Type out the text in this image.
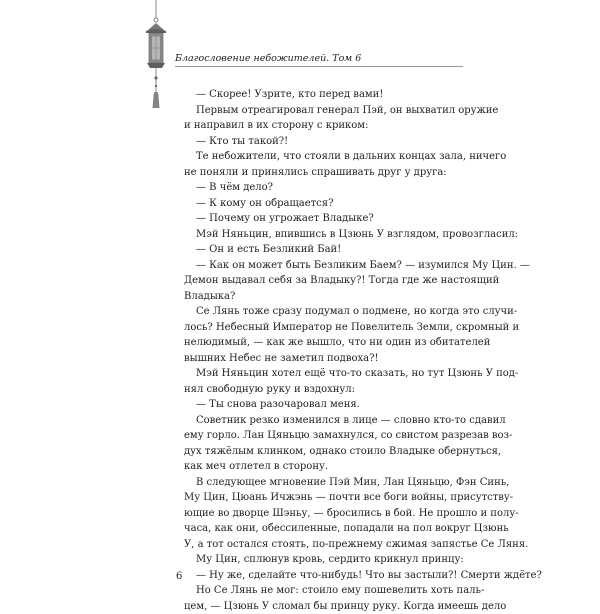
Благословение небожителей. Том 6
— Скорее! Узрите, кто перед вами!
Первым отреагировал генерал Пэй, он выхватил оружие
и направил в их сторону с криком:
— Кто ты такой?!
Те небожители, что стояли в дальних концах зала, ничего
не поняли и принялись спрашивать друг у друга:
— В чём дело?
— К кому он обращается?
— Почему он угрожает Владыке?
Мэй Няньцин, впившись в Цзюнь У взглядом, провозгласил:
— Он и есть Безликий Бай!
— Как он может быть Безликим Баем? — изумился Му Цин. —
Демон выдавал себя за Владыку?! Тогда где же настоящий
Владыка?
Се Лянь тоже сразу подумал о подмене, но когда это случи-
лось? Небесный Император не Повелитель Земли, скромный и
нелюдимый, — как же вышло, что ни один из обитателей
вышних Небес не заметил подвоха?!
Мэй Няньцин хотел ещё что-то сказать, но тут Цзюнь У под-
нял свободную руку и вздохнул:
— Ты снова разочаровал меня.
Советник резко изменился в лице — словно кто-то сдавил
ему горло. Лан Цяньцю замахнулся, со свистом разрезав воз-
дух тяжёлым клинком, однако стоило Владыке обернуться,
как меч отлетел в сторону.
В следующее мгновение Пэй Мин, Лан Цяньцю, Фэн Синь,
Му Цин, Цюань Ичжэнь — почти все боги войны, присутству-
ющие во дворце Шэньу, — бросились в бой. Не прошло и полу-
часа, как они, обессиленные, попадали на пол вокруг Цзюнь
У, а тот остался стоять, по-прежнему сжимая запястье Се Ляня.
Му Цин, сплюнув кровь, сердито крикнул принцу:
— Ну же, сделайте что-нибудь! Что вы застыли?! Смерти ждёте?
Но Се Лянь не мог: стоило ему пошевелить хоть паль-
цем, — Цзюнь У сломал бы принцу руку. Когда имеешь дело
6
